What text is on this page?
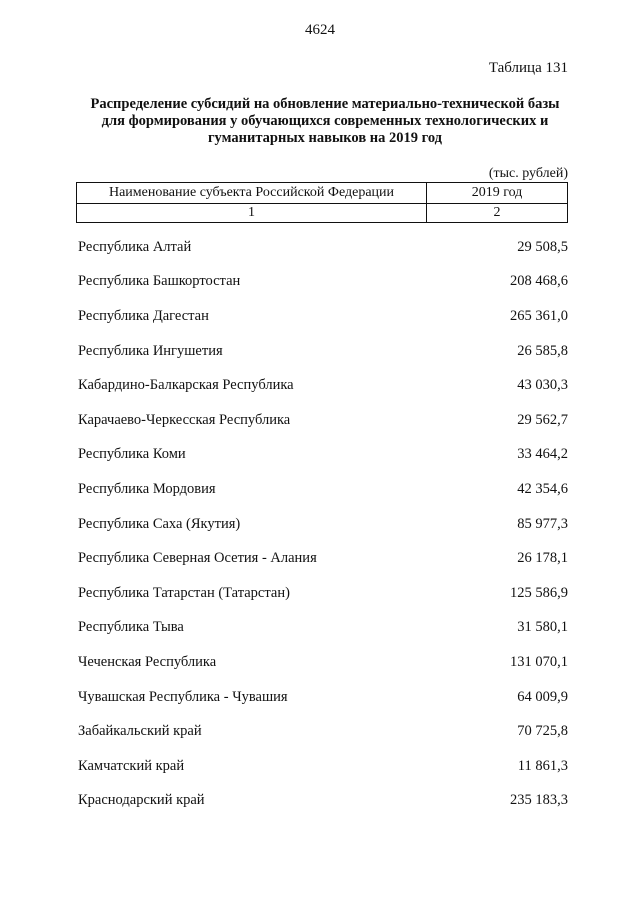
4624
Таблица 131
Распределение субсидий на обновление материально-технической базы
для формирования у обучающихся современных технологических и
гуманитарных навыков на 2019 год
(тыс. рублей)
Наименование субъекта Российской Федерации	2019 год
1	2
Республика Алтай	29 508,5
Республика Башкортостан	208 468,6
Республика Дагестан	265 361,0
Республика Ингушетия	26 585,8
Кабардино-Балкарская Республика	43 030,3
Карачаево-Черкесская Республика	29 562,7
Республика Коми	33 464,2
Республика Мордовия	42 354,6
Республика Саха (Якутия)	85 977,3
Республика Северная Осетия - Алания	26 178,1
Республика Татарстан (Татарстан)	125 586,9
Республика Тыва	31 580,1
Чеченская Республика	131 070,1
Чувашская Республика - Чувашия	64 009,9
Забайкальский край	70 725,8
Камчатский край	11 861,3
Краснодарский край	235 183,3
